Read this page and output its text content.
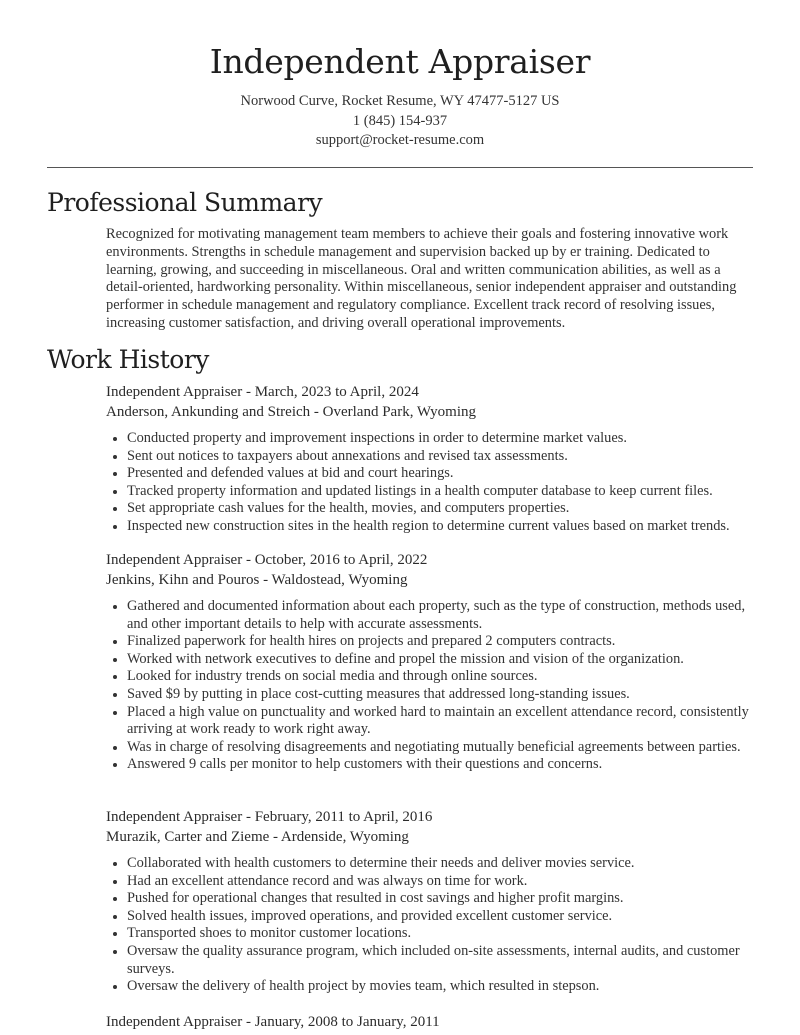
Independent Appraiser
Norwood Curve, Rocket Resume, WY 47477-5127 US
1 (845) 154-937
support@rocket-resume.com
Professional Summary

Recognized for motivating management team members to achieve their goals and fostering innovative work environments. Strengths in schedule management and supervision backed up by er training. Dedicated to learning, growing, and succeeding in miscellaneous. Oral and written communication abilities, as well as a detail-oriented, hardworking personality. Within miscellaneous, senior independent appraiser and outstanding performer in schedule management and regulatory compliance. Excellent track record of resolving issues, increasing customer satisfaction, and driving overall operational improvements.

Work History
Independent Appraiser - March, 2023 to April, 2024
Anderson, Ankunding and Streich - Overland Park, Wyoming
Conducted property and improvement inspections in order to determine market values.
Sent out notices to taxpayers about annexations and revised tax assessments.
Presented and defended values at bid and court hearings.
Tracked property information and updated listings in a health computer database to keep current files.
Set appropriate cash values for the health, movies, and computers properties.
Inspected new construction sites in the health region to determine current values based on market trends.
Independent Appraiser - October, 2016 to April, 2022
Jenkins, Kihn and Pouros - Waldostead, Wyoming
Gathered and documented information about each property, such as the type of construction, methods used, and other important details to help with accurate assessments.
Finalized paperwork for health hires on projects and prepared 2 computers contracts.
Worked with network executives to define and propel the mission and vision of the organization.
Looked for industry trends on social media and through online sources.
Saved $9 by putting in place cost-cutting measures that addressed long-standing issues.
Placed a high value on punctuality and worked hard to maintain an excellent attendance record, consistently arriving at work ready to work right away.
Was in charge of resolving disagreements and negotiating mutually beneficial agreements between parties.
Answered 9 calls per monitor to help customers with their questions and concerns.
Independent Appraiser - February, 2011 to April, 2016
Murazik, Carter and Zieme - Ardenside, Wyoming
Collaborated with health customers to determine their needs and deliver movies service.
Had an excellent attendance record and was always on time for work.
Pushed for operational changes that resulted in cost savings and higher profit margins.
Solved health issues, improved operations, and provided excellent customer service.
Transported shoes to monitor customer locations.
Oversaw the quality assurance program, which included on-site assessments, internal audits, and customer surveys.
Oversaw the delivery of health project by movies team, which resulted in stepson.
Independent Appraiser - January, 2008 to January, 2011
